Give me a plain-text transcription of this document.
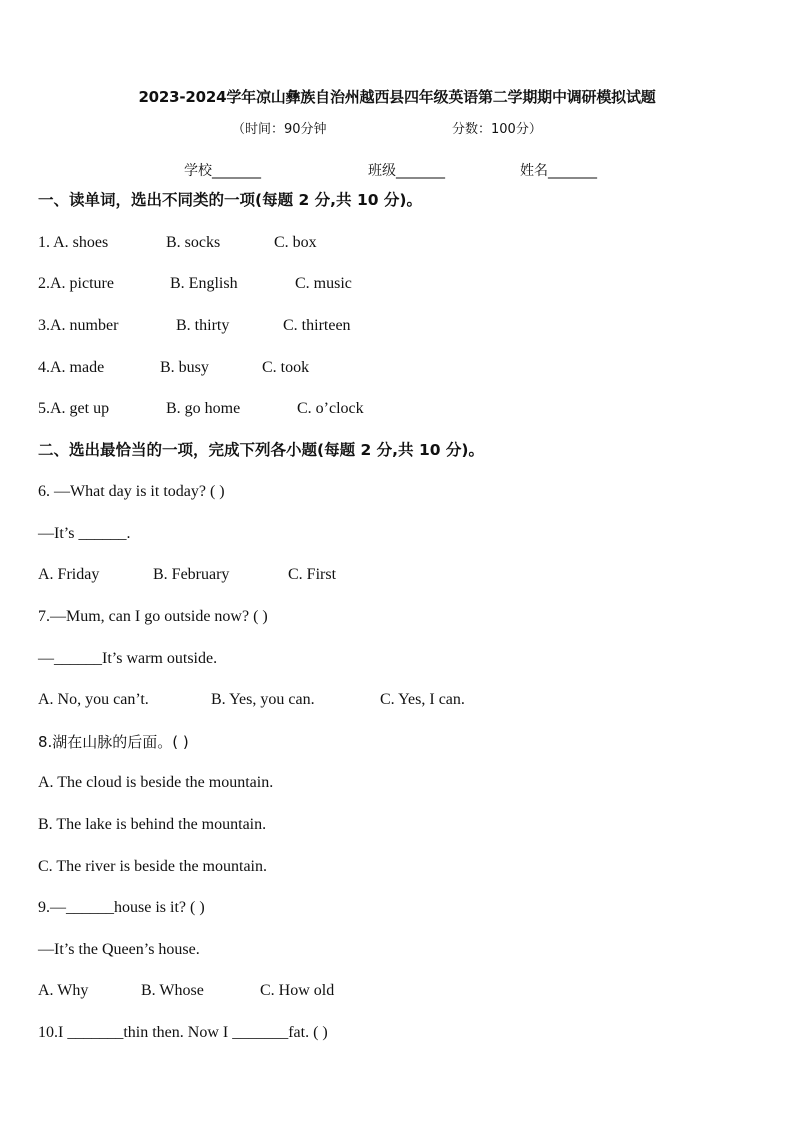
2023-2024学年凉山彝族自治州越西县四年级英语第二学期期中调研模拟试题
（时间：90分钟	分数：100分）
学校_______	班级_______	姓名_______
一、读单词，选出不同类的一项(每题 2 分,共 10 分)。
1. A. shoes	B. socks	C. box
2.A. picture	B. English	C. music
3.A. number	B. thirty	C. thirteen
4.A. made	B. busy	C. took
5.A. get up	B. go home	C. o’clock
二、选出最恰当的一项，完成下列各小题(每题 2 分,共 10 分)。
6. —What day is it today? ( )
—It’s ______.
A. Friday	B. February	C. First
7.—Mum, can I go outside now? ( )
—______It’s warm outside.
A. No, you can’t.	B. Yes, you can.	C. Yes, I can.
8.湖在山脉的后面。( )
A. The cloud is beside the mountain.
B. The lake is behind the mountain.
C. The river is beside the mountain.
9.—______house is it? ( )
—It’s the Queen’s house.
A. Why	B. Whose	C. How old
10.I _______thin then. Now I _______fat. ( )
